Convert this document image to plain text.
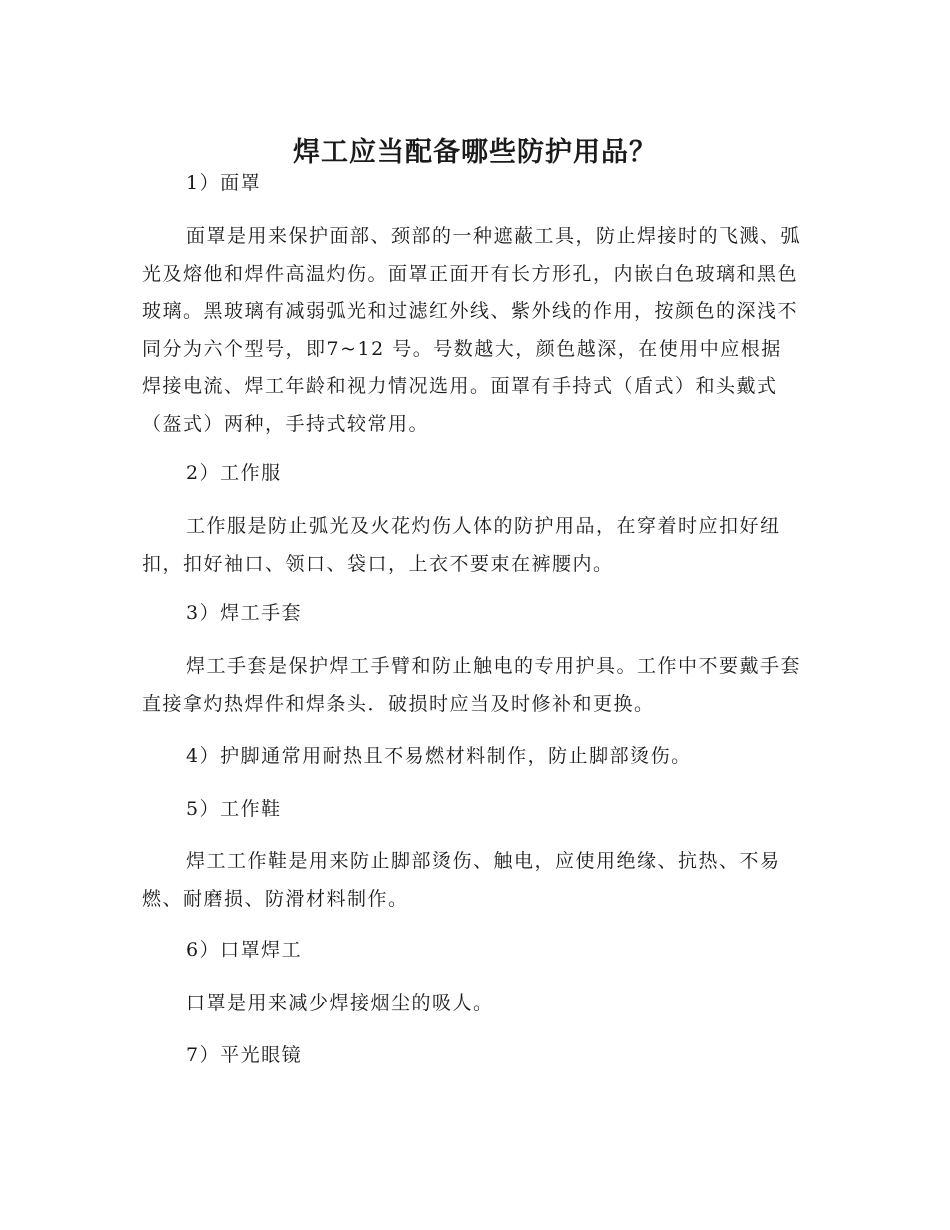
焊工应当配备哪些防护用品？

1）面罩

面罩是用来保护面部、颈部的一种遮蔽工具，防止焊接时的飞溅、弧光及熔他和焊件高温灼伤。面罩正面开有长方形孔，内嵌白色玻璃和黑色玻璃。黑玻璃有减弱弧光和过滤红外线、紫外线的作用，按颜色的深浅不同分为六个型号，即7~12 号。号数越大，颜色越深，在使用中应根据焊接电流、焊工年龄和视力情况选用。面罩有手持式（盾式）和头戴式（盔式）两种，手持式较常用。

2）工作服

工作服是防止弧光及火花灼伤人体的防护用品，在穿着时应扣好纽扣，扣好袖口、领口、袋口，上衣不要束在裤腰内。

3）焊工手套

焊工手套是保护焊工手臂和防止触电的专用护具。工作中不要戴手套直接拿灼热焊件和焊条头．破损时应当及时修补和更换。

4）护脚通常用耐热且不易燃材料制作，防止脚部烫伤。

5）工作鞋

焊工工作鞋是用来防止脚部烫伤、触电，应使用绝缘、抗热、不易燃、耐磨损、防滑材料制作。

6）口罩焊工

口罩是用来减少焊接烟尘的吸人。

7）平光眼镜
